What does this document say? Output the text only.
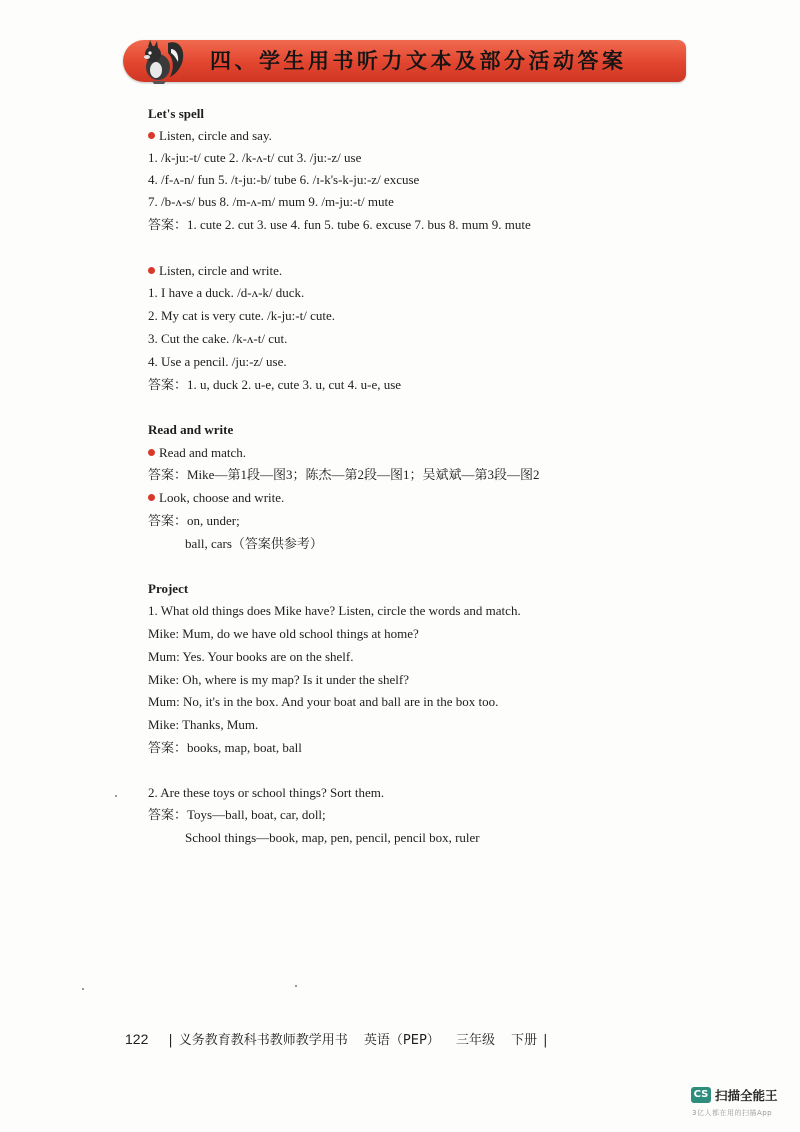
四、学生用书听力文本及部分活动答案
Let's spell
Listen, circle and say.
1. /k-ju:-t/ cute 2. /k-ʌ-t/ cut 3. /ju:-z/ use
4. /f-ʌ-n/ fun 5. /t-ju:-b/ tube 6. /ɪ-k's-k-ju:-z/ excuse
7. /b-ʌ-s/ bus 8. /m-ʌ-m/ mum 9. /m-ju:-t/ mute
答案：1. cute 2. cut 3. use 4. fun 5. tube 6. excuse 7. bus 8. mum 9. mute
Listen, circle and write.
1. I have a duck. /d-ʌ-k/ duck.
2. My cat is very cute. /k-ju:-t/ cute.
3. Cut the cake. /k-ʌ-t/ cut.
4. Use a pencil. /ju:-z/ use.
答案：1. u, duck 2. u-e, cute 3. u, cut 4. u-e, use
Read and write
Read and match.
答案：Mike—第1段—图3；陈杰—第2段—图1；吴斌斌—第3段—图2
Look, choose and write.
答案：on, under;
ball, cars（答案供参考）
Project
1. What old things does Mike have? Listen, circle the words and match.
Mike: Mum, do we have old school things at home?
Mum: Yes. Your books are on the shelf.
Mike: Oh, where is my map? Is it under the shelf?
Mum: No, it's in the box. And your boat and ball are in the box too.
Mike: Thanks, Mum.
答案：books, map, boat, ball
2. Are these toys or school things? Sort them.
答案：Toys—ball, boat, car, doll;
School things—book, map, pen, pencil, pencil box, ruler
122 | 义务教育教科书教师教学用书 英语（PEP） 三年级 下册 |
CS 扫描全能王
3亿人都在用的扫描App
